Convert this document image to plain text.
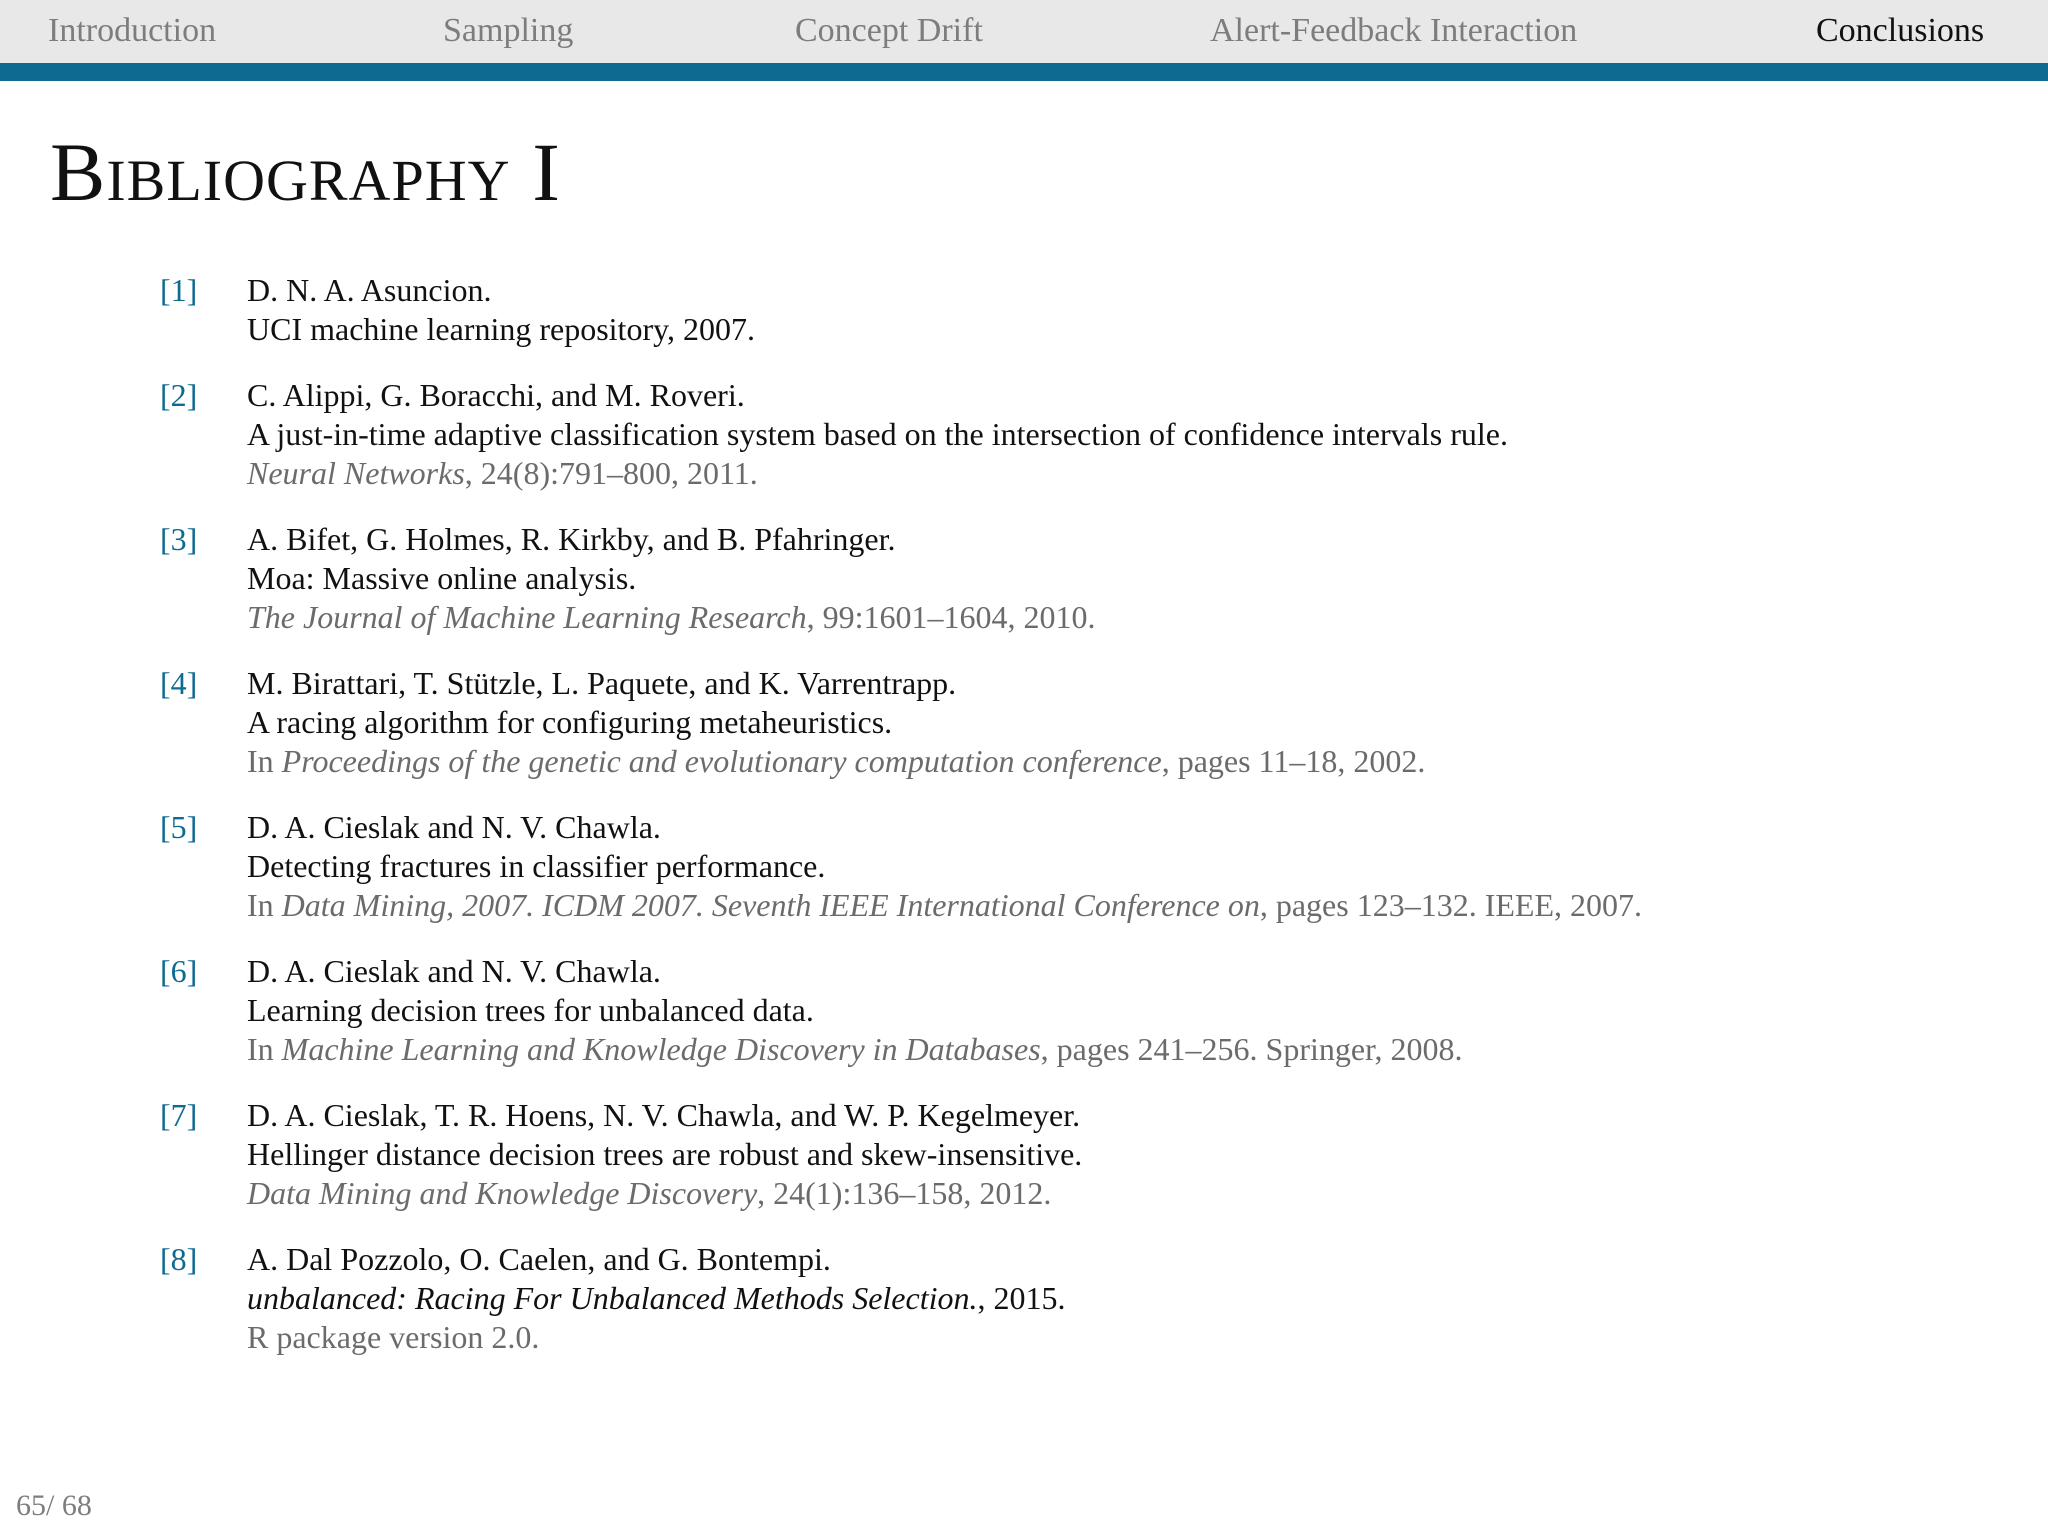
Introduction	Sampling	Concept Drift	Alert-Feedback Interaction	Conclusions
Bibliography I
[1] D. N. A. Asuncion.
UCI machine learning repository, 2007.
[2] C. Alippi, G. Boracchi, and M. Roveri.
A just-in-time adaptive classification system based on the intersection of confidence intervals rule.
Neural Networks, 24(8):791–800, 2011.
[3] A. Bifet, G. Holmes, R. Kirkby, and B. Pfahringer.
Moa: Massive online analysis.
The Journal of Machine Learning Research, 99:1601–1604, 2010.
[4] M. Birattari, T. Stützle, L. Paquete, and K. Varrentrapp.
A racing algorithm for configuring metaheuristics.
In Proceedings of the genetic and evolutionary computation conference, pages 11–18, 2002.
[5] D. A. Cieslak and N. V. Chawla.
Detecting fractures in classifier performance.
In Data Mining, 2007. ICDM 2007. Seventh IEEE International Conference on, pages 123–132. IEEE, 2007.
[6] D. A. Cieslak and N. V. Chawla.
Learning decision trees for unbalanced data.
In Machine Learning and Knowledge Discovery in Databases, pages 241–256. Springer, 2008.
[7] D. A. Cieslak, T. R. Hoens, N. V. Chawla, and W. P. Kegelmeyer.
Hellinger distance decision trees are robust and skew-insensitive.
Data Mining and Knowledge Discovery, 24(1):136–158, 2012.
[8] A. Dal Pozzolo, O. Caelen, and G. Bontempi.
unbalanced: Racing For Unbalanced Methods Selection., 2015.
R package version 2.0.
65/ 68
